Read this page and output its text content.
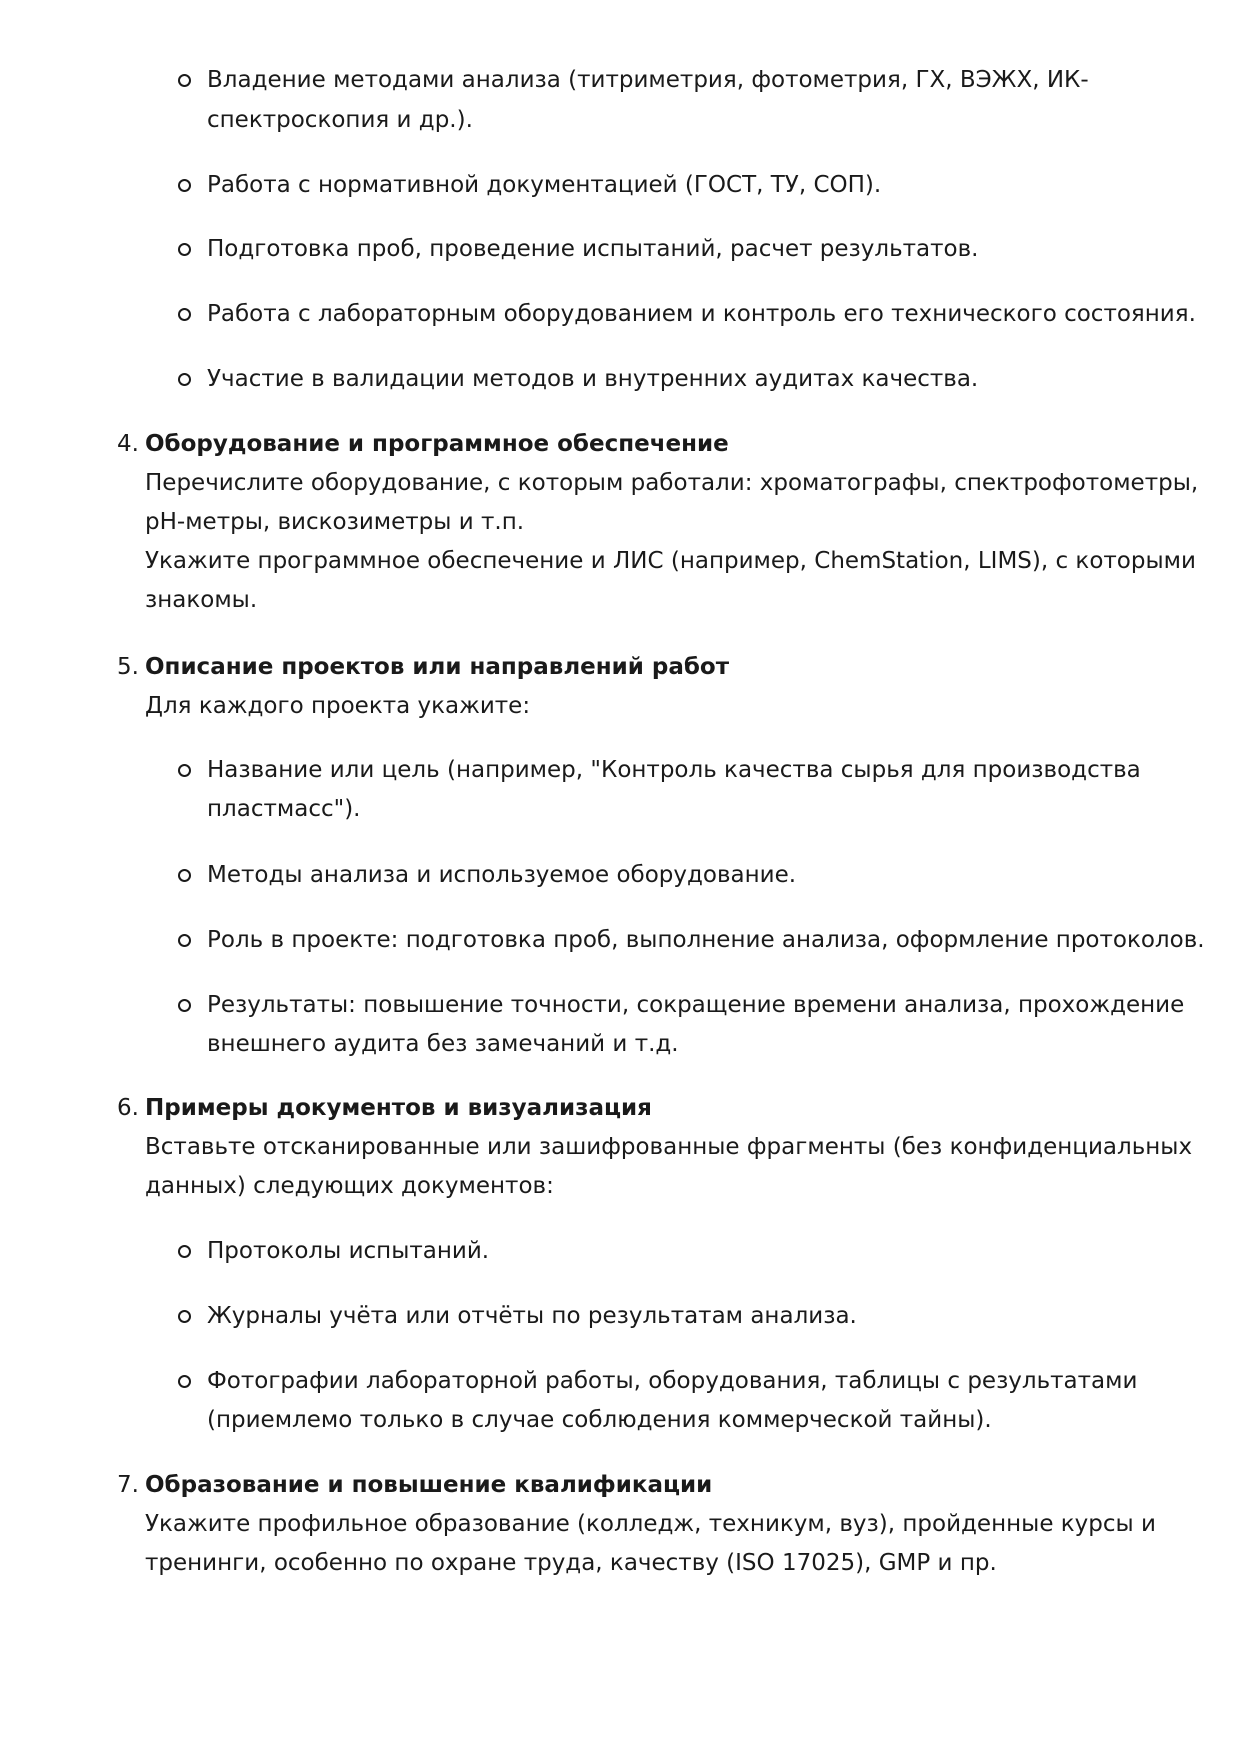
Владение методами анализа (титриметрия, фотометрия, ГХ, ВЭЖХ, ИК-
спектроскопия и др.).
Работа с нормативной документацией (ГОСТ, ТУ, СОП).
Подготовка проб, проведение испытаний, расчет результатов.
Работа с лабораторным оборудованием и контроль его технического состояния.
Участие в валидации методов и внутренних аудитах качества.
4. Оборудование и программное обеспечение
Перечислите оборудование, с которым работали: хроматографы, спектрофотометры,
pH-метры, вискозиметры и т.п.
Укажите программное обеспечение и ЛИС (например, ChemStation, LIMS), с которыми
знакомы.
5. Описание проектов или направлений работ
Для каждого проекта укажите:
Название или цель (например, "Контроль качества сырья для производства
пластмасс").
Методы анализа и используемое оборудование.
Роль в проекте: подготовка проб, выполнение анализа, оформление протоколов.
Результаты: повышение точности, сокращение времени анализа, прохождение
внешнего аудита без замечаний и т.д.
6. Примеры документов и визуализация
Вставьте отсканированные или зашифрованные фрагменты (без конфиденциальных
данных) следующих документов:
Протоколы испытаний.
Журналы учёта или отчёты по результатам анализа.
Фотографии лабораторной работы, оборудования, таблицы с результатами
(приемлемо только в случае соблюдения коммерческой тайны).
7. Образование и повышение квалификации
Укажите профильное образование (колледж, техникум, вуз), пройденные курсы и
тренинги, особенно по охране труда, качеству (ISO 17025), GMP и пр.
